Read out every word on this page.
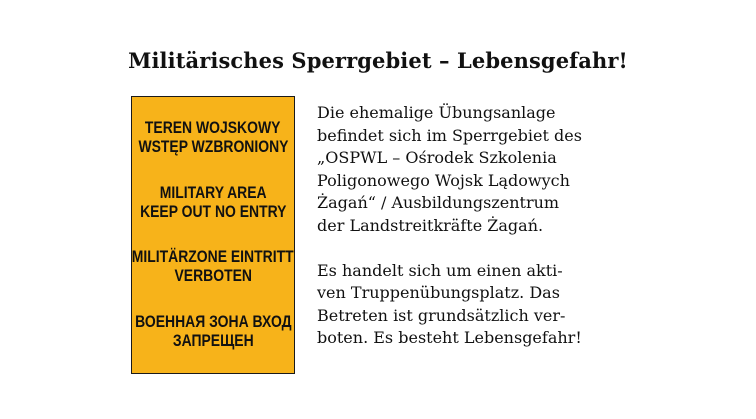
Militärisches Sperrgebiet – Lebensgefahr!
TEREN WOJSKOWY
WSTĘP WZBRONIONY
MILITARY AREA
KEEP OUT NO ENTRY
MILITÄRZONE EINTRITT
VERBOTEN
ВОЕННАЯ ЗОНА ВХОД
ЗАПРЕЩЕН

Die ehemalige Übungsanlage
befindet sich im Sperrgebiet des
„OSPWL – Ośrodek Szkolenia
Poligonowego Wojsk Lądowych
Żagań“ / Ausbildungszentrum
der Landstreitkräfte Żagań.

Es handelt sich um einen akti-
ven Truppenübungsplatz. Das
Betreten ist grundsätzlich ver-
boten. Es besteht Lebensgefahr!
